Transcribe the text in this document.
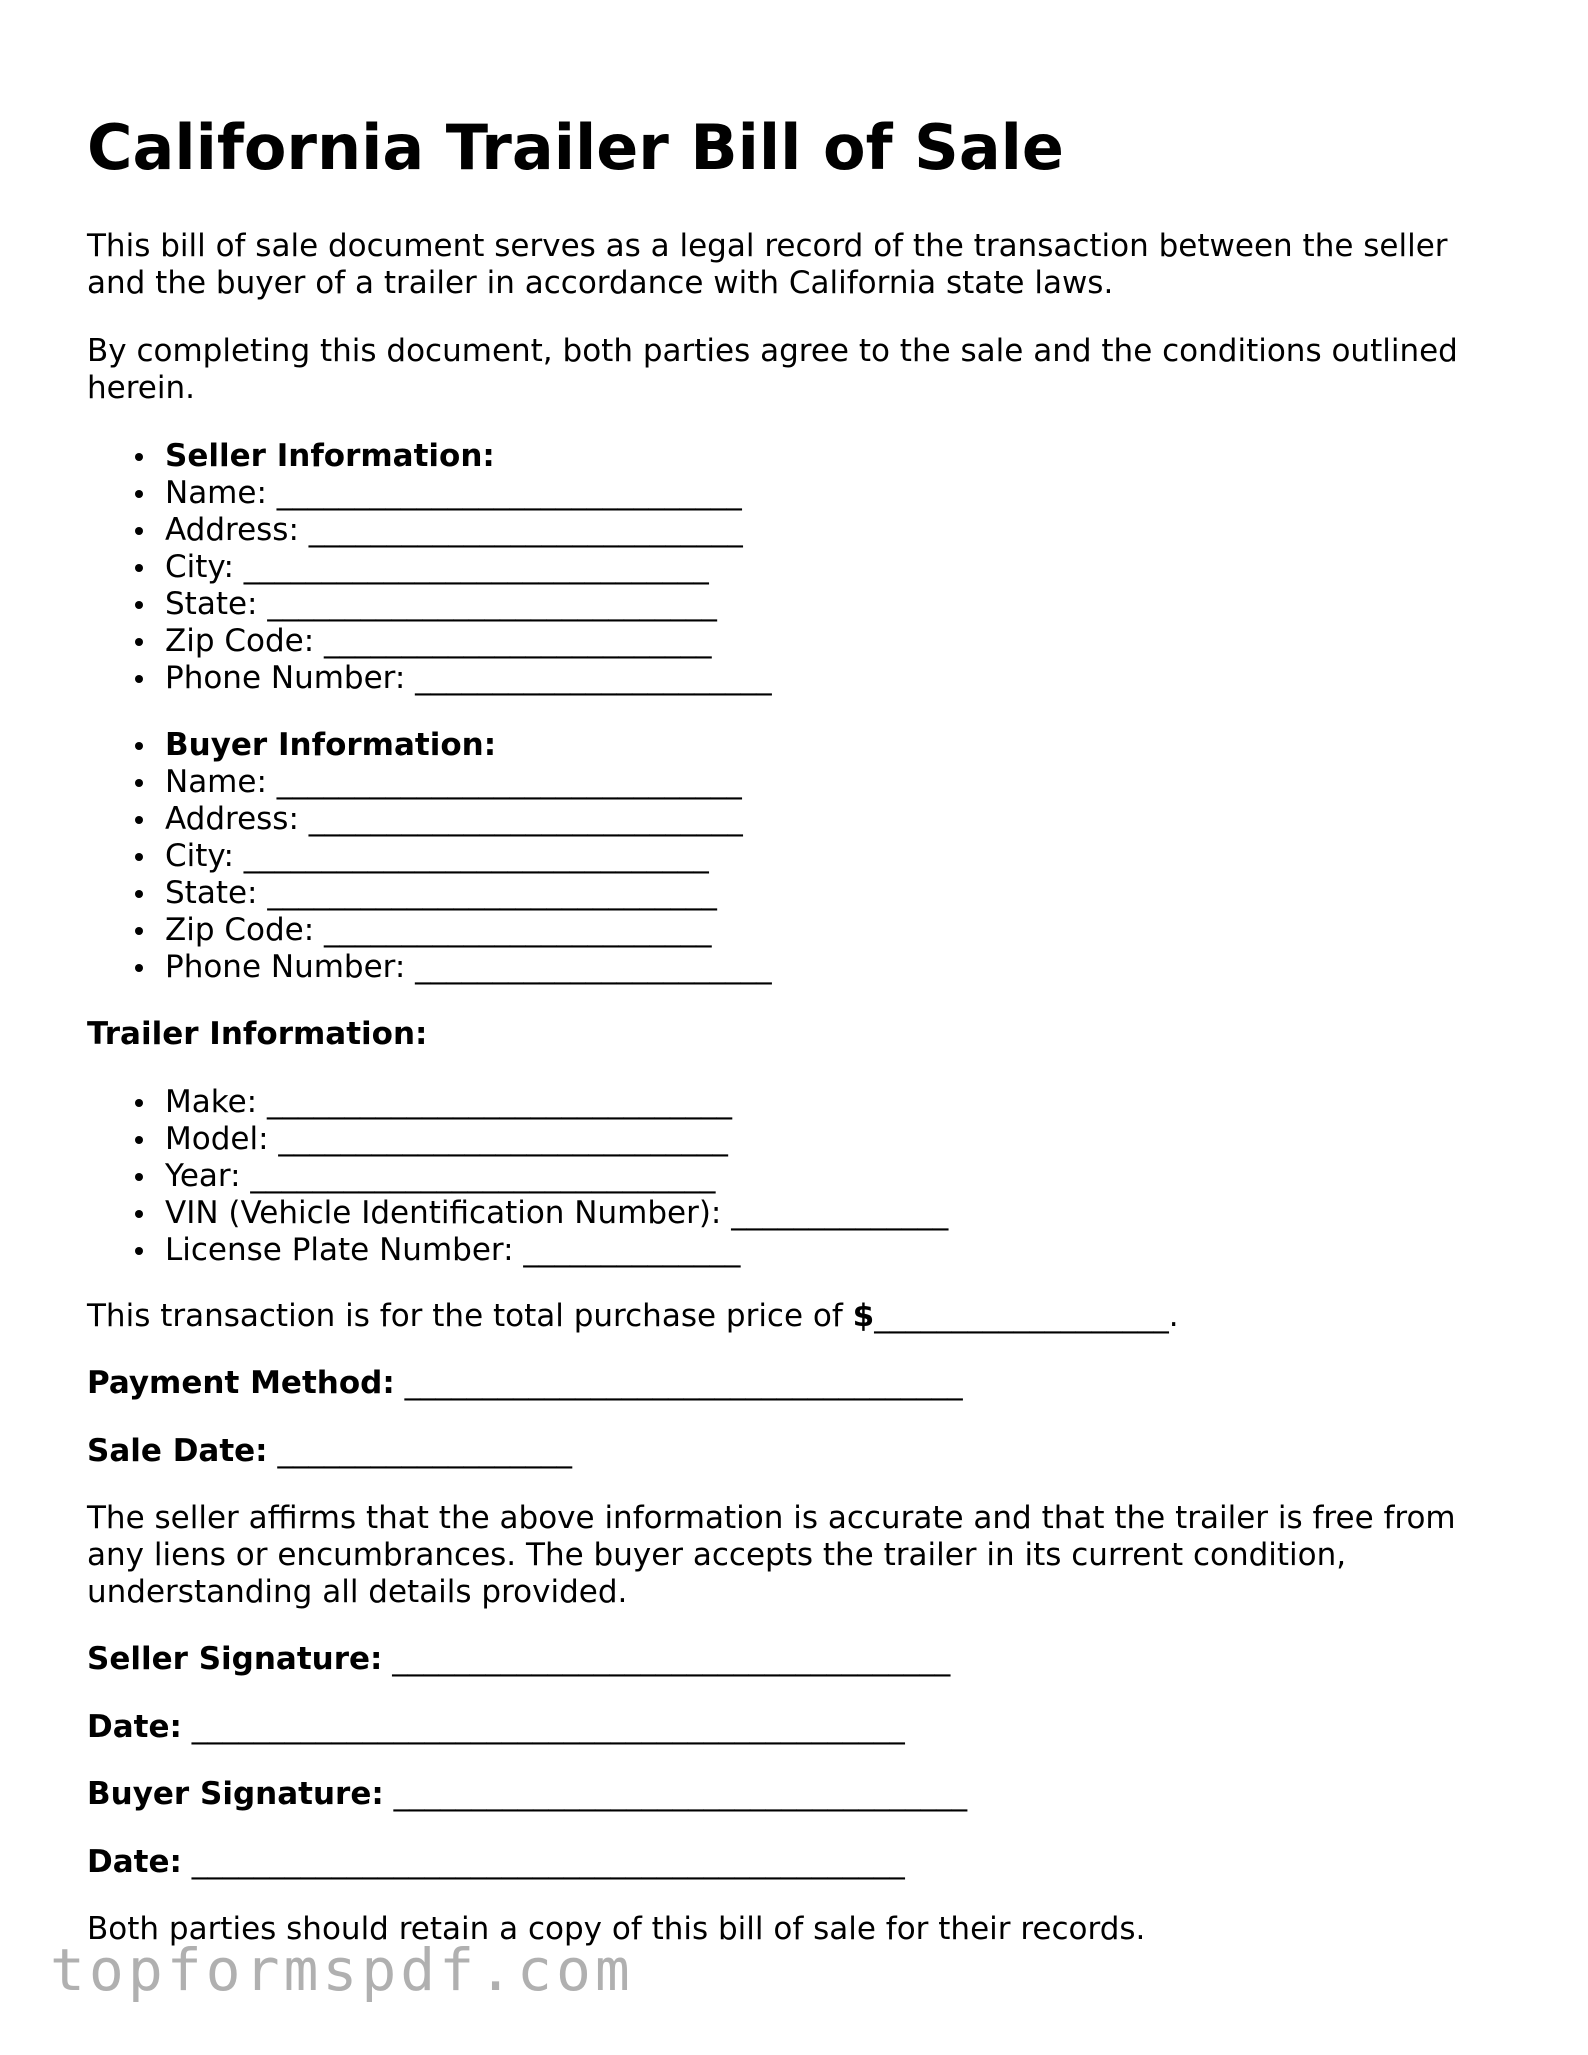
California Trailer Bill of Sale

This bill of sale document serves as a legal record of the transaction between the seller and the buyer of a trailer in accordance with California state laws.

By completing this document, both parties agree to the sale and the conditions outlined herein.

Seller Information:
Name: ______________________________
Address: ____________________________
City: ______________________________
State: _____________________________
Zip Code: _________________________
Phone Number: _______________________
Buyer Information:
Name: ______________________________
Address: ____________________________
City: ______________________________
State: _____________________________
Zip Code: _________________________
Phone Number: _______________________

Trailer Information:

Make: ______________________________
Model: _____________________________
Year: ______________________________
VIN (Vehicle Identification Number): ______________
License Plate Number: ______________

This transaction is for the total purchase price of $___________________.

Payment Method: ____________________________________

Sale Date: ___________________

The seller affirms that the above information is accurate and that the trailer is free from any liens or encumbrances. The buyer accepts the trailer in its current condition, understanding all details provided.

Seller Signature: ____________________________________

Date: ______________________________________________

Buyer Signature: _____________________________________

Date: ______________________________________________

Both parties should retain a copy of this bill of sale for their records.

topformspdf.com
